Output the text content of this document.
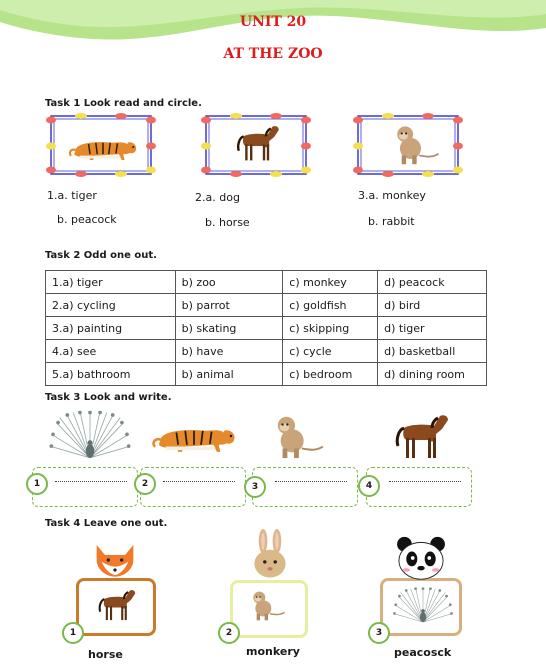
UNIT 20
AT THE ZOO
Task 1 Look read and circle.
1.a. tiger
b. peacock
2.a. dog
b. horse
3.a. monkey
b. rabbit
Task 2 Odd one out.
1.a) tiger	b) zoo	c) monkey	d) peacock
2.a) cycling	b) parrot	c) goldfish	d) bird
3.a) painting	b) skating	c) skipping	d) tiger
4.a) see	b) have	c) cycle	d) basketball
5.a) bathroom	b) animal	c) bedroom	d) dining room
Task 3 Look and write.
1	2	3	4
Task 4 Leave one out.
1
horse
2
monkery
3
peacosck
